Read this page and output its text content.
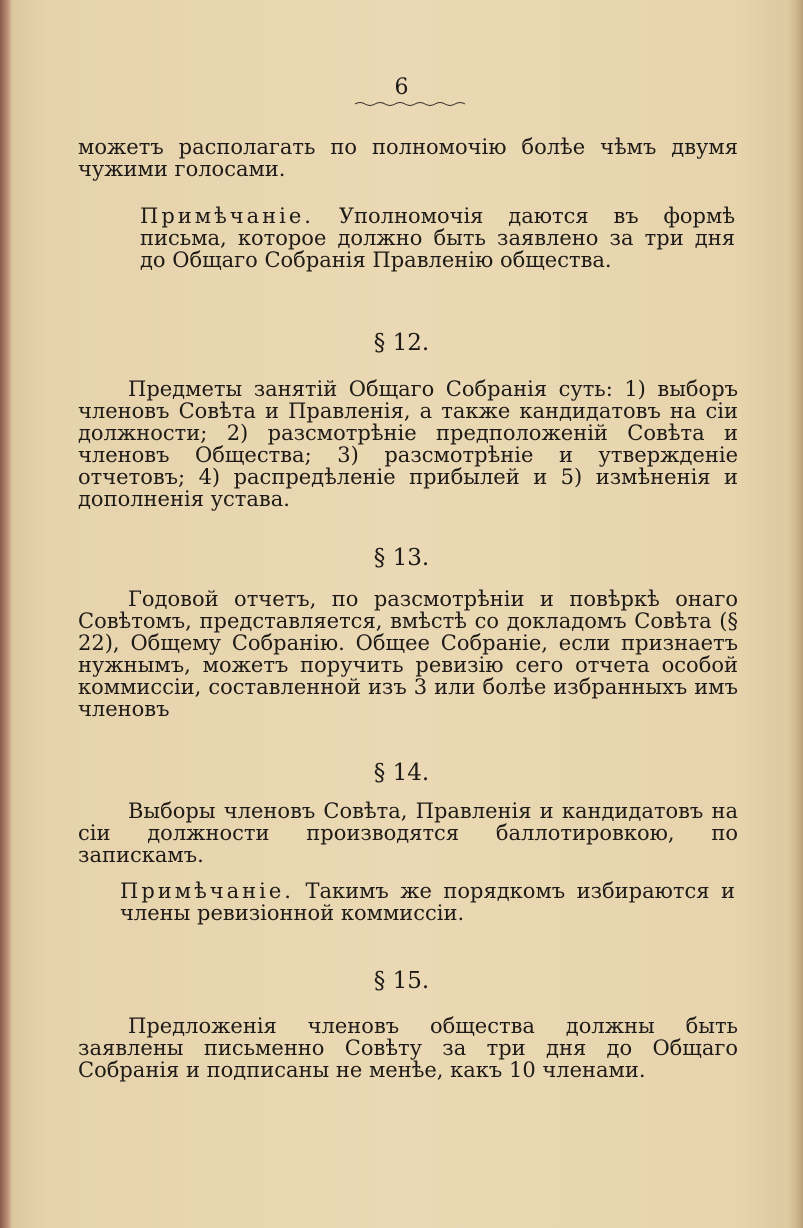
6
можетъ располагать по полномочію болѣе чѣмъ двумя чужими голосами.
Примѣчаніе. Уполномочія даются въ формѣ письма, которое должно быть заявлено за три дня до Общаго Собранія Правленію общества.
§ 12.
Предметы занятій Общаго Собранія суть: 1) выборъ членовъ Совѣта и Правленія, а также кандидатовъ на сіи должности; 2) разсмотрѣніе предположеній Совѣта и членовъ Общества; 3) разсмотрѣніе и утвержденіе отчетовъ; 4) распредѣленіе прибылей и 5) измѣненія и дополненія устава.
§ 13.
Годовой отчетъ, по разсмотрѣніи и повѣркѣ онаго Совѣтомъ, представляется, вмѣстѣ со докладомъ Совѣта (§ 22), Общему Собранію. Общее Собраніе, если признаетъ нужнымъ, можетъ поручить ревизію сего отчета особой коммиссіи, составленной изъ 3 или болѣе избранныхъ имъ членовъ
§ 14.
Выборы членовъ Совѣта, Правленія и кандидатовъ на сіи должности производятся баллотировкою, по запискамъ.
Примѣчаніе. Такимъ же порядкомъ избираются и члены ревизіонной коммиссіи.
§ 15.
Предложенія членовъ общества должны быть заявлены письменно Совѣту за три дня до Общаго Собранія и подписаны не менѣе, какъ 10 членами.
